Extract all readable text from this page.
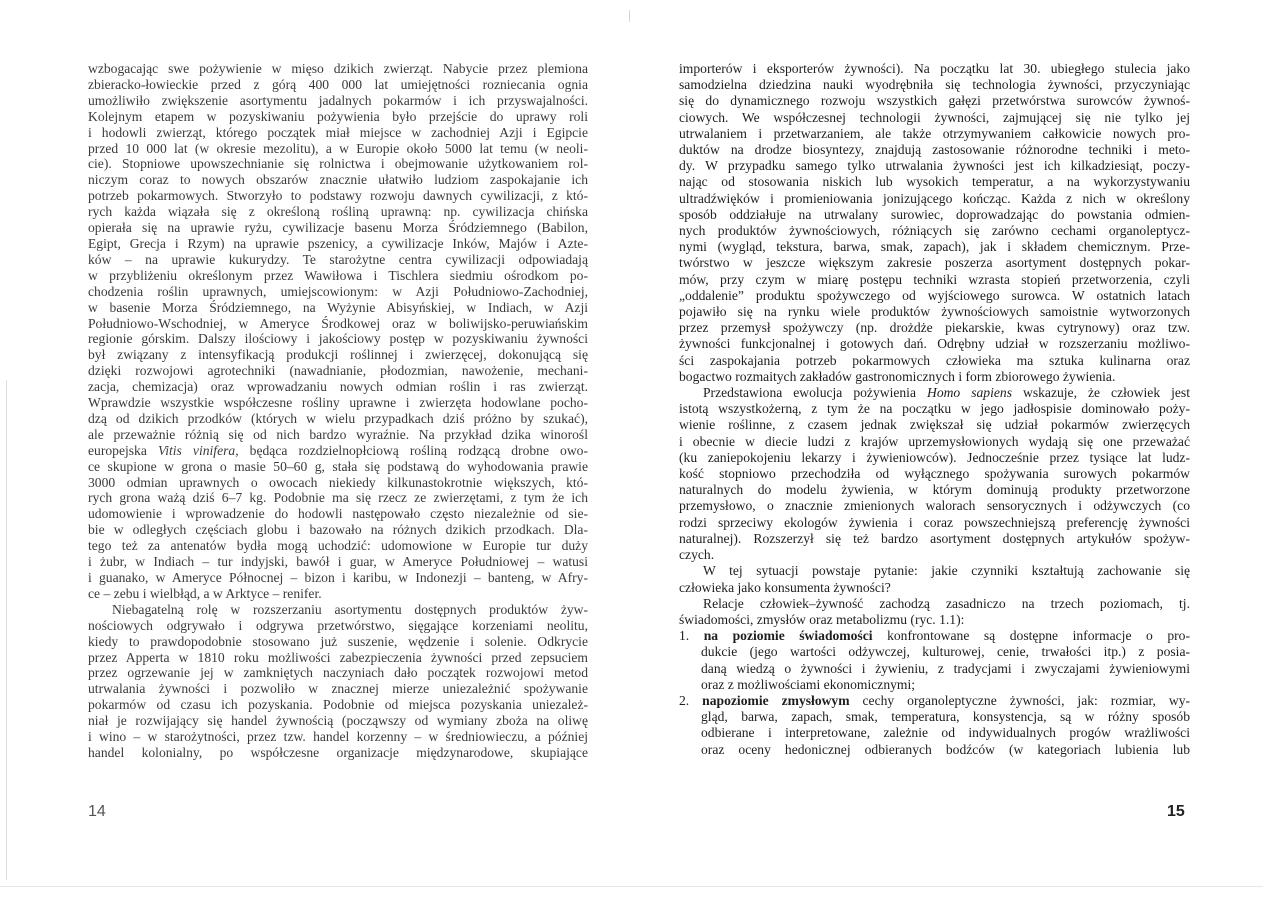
wzbogacając swe pożywienie w mięso dzikich zwierząt. Nabycie przez plemiona
zbieracko-łowieckie przed z górą 400 000 lat umiejętności rozniecania ognia
umożliwiło zwiększenie asortymentu jadalnych pokarmów i ich przyswajalności.
Kolejnym etapem w pozyskiwaniu pożywienia było przejście do uprawy roli
i hodowli zwierząt, którego początek miał miejsce w zachodniej Azji i Egipcie
przed 10 000 lat (w okresie mezolitu), a w Europie około 5000 lat temu (w neoli-
cie). Stopniowe upowszechnianie się rolnictwa i obejmowanie użytkowaniem rol-
niczym coraz to nowych obszarów znacznie ułatwiło ludziom zaspokajanie ich
potrzeb pokarmowych. Stworzyło to podstawy rozwoju dawnych cywilizacji, z któ-
rych każda wiązała się z określoną rośliną uprawną: np. cywilizacja chińska
opierała się na uprawie ryżu, cywilizacje basenu Morza Śródziemnego (Babilon,
Egipt, Grecja i Rzym) na uprawie pszenicy, a cywilizacje Inków, Majów i Azte-
ków – na uprawie kukurydzy. Te starożytne centra cywilizacji odpowiadają
w przybliżeniu określonym przez Wawiłowa i Tischlera siedmiu ośrodkom po-
chodzenia roślin uprawnych, umiejscowionym: w Azji Południowo-Zachodniej,
w basenie Morza Śródziemnego, na Wyżynie Abisyńskiej, w Indiach, w Azji
Południowo-Wschodniej, w Ameryce Środkowej oraz w boliwijsko-peruwiańskim
regionie górskim. Dalszy ilościowy i jakościowy postęp w pozyskiwaniu żywności
był związany z intensyfikacją produkcji roślinnej i zwierzęcej, dokonującą się
dzięki rozwojowi agrotechniki (nawadnianie, płodozmian, nawożenie, mechani-
zacja, chemizacja) oraz wprowadzaniu nowych odmian roślin i ras zwierząt.
Wprawdzie wszystkie współczesne rośliny uprawne i zwierzęta hodowlane pocho-
dzą od dzikich przodków (których w wielu przypadkach dziś próżno by szukać),
ale przeważnie różnią się od nich bardzo wyraźnie. Na przykład dzika winorośl
europejska Vitis vinifera, będąca rozdzielnopłciową rośliną rodzącą drobne owo-
ce skupione w grona o masie 50–60 g, stała się podstawą do wyhodowania prawie
3000 odmian uprawnych o owocach niekiedy kilkunastokrotnie większych, któ-
rych grona ważą dziś 6–7 kg. Podobnie ma się rzecz ze zwierzętami, z tym że ich
udomowienie i wprowadzenie do hodowli następowało często niezależnie od sie-
bie w odległych częściach globu i bazowało na różnych dzikich przodkach. Dla-
tego też za antenatów bydła mogą uchodzić: udomowione w Europie tur duży
i żubr, w Indiach – tur indyjski, bawół i guar, w Ameryce Południowej – watusi
i guanako, w Ameryce Północnej – bizon i karibu, w Indonezji – banteng, w Afry-
ce – zebu i wielbłąd, a w Arktyce – renifer.
Niebagatelną rolę w rozszerzaniu asortymentu dostępnych produktów żyw-
nościowych odgrywało i odgrywa przetwórstwo, sięgające korzeniami neolitu,
kiedy to prawdopodobnie stosowano już suszenie, wędzenie i solenie. Odkrycie
przez Apperta w 1810 roku możliwości zabezpieczenia żywności przed zepsuciem
przez ogrzewanie jej w zamkniętych naczyniach dało początek rozwojowi metod
utrwalania żywności i pozwoliło w znacznej mierze uniezależnić spożywanie
pokarmów od czasu ich pozyskania. Podobnie od miejsca pozyskania uniezależ-
niał je rozwijający się handel żywnością (począwszy od wymiany zboża na oliwę
i wino – w starożytności, przez tzw. handel korzenny – w średniowieczu, a później
handel kolonialny, po współczesne organizacje międzynarodowe, skupiające
importerów i eksporterów żywności). Na początku lat 30. ubiegłego stulecia jako
samodzielna dziedzina nauki wyodrębniła się technologia żywności, przyczyniając
się do dynamicznego rozwoju wszystkich gałęzi przetwórstwa surowców żywnoś-
ciowych. We współczesnej technologii żywności, zajmującej się nie tylko jej
utrwalaniem i przetwarzaniem, ale także otrzymywaniem całkowicie nowych pro-
duktów na drodze biosyntezy, znajdują zastosowanie różnorodne techniki i meto-
dy. W przypadku samego tylko utrwalania żywności jest ich kilkadziesiąt, poczy-
nając od stosowania niskich lub wysokich temperatur, a na wykorzystywaniu
ultradźwięków i promieniowania jonizującego kończąc. Każda z nich w określony
sposób oddziałuje na utrwalany surowiec, doprowadzając do powstania odmien-
nych produktów żywnościowych, różniących się zarówno cechami organoleptycz-
nymi (wygląd, tekstura, barwa, smak, zapach), jak i składem chemicznym. Prze-
twórstwo w jeszcze większym zakresie poszerza asortyment dostępnych pokar-
mów, przy czym w miarę postępu techniki wzrasta stopień przetworzenia, czyli
„oddalenie” produktu spożywczego od wyjściowego surowca. W ostatnich latach
pojawiło się na rynku wiele produktów żywnościowych samoistnie wytworzonych
przez przemysł spożywczy (np. drożdże piekarskie, kwas cytrynowy) oraz tzw.
żywności funkcjonalnej i gotowych dań. Odrębny udział w rozszerzaniu możliwo-
ści zaspokajania potrzeb pokarmowych człowieka ma sztuka kulinarna oraz
bogactwo rozmaitych zakładów gastronomicznych i form zbiorowego żywienia.
Przedstawiona ewolucja pożywienia Homo sapiens wskazuje, że człowiek jest
istotą wszystkożerną, z tym że na początku w jego jadłospisie dominowało poży-
wienie roślinne, z czasem jednak zwiększał się udział pokarmów zwierzęcych
i obecnie w diecie ludzi z krajów uprzemysłowionych wydają się one przeważać
(ku zaniepokojeniu lekarzy i żywieniowców). Jednocześnie przez tysiące lat ludz-
kość stopniowo przechodziła od wyłącznego spożywania surowych pokarmów
naturalnych do modelu żywienia, w którym dominują produkty przetworzone
przemysłowo, o znacznie zmienionych walorach sensorycznych i odżywczych (co
rodzi sprzeciwy ekologów żywienia i coraz powszechniejszą preferencję żywności
naturalnej). Rozszerzył się też bardzo asortyment dostępnych artykułów spożyw-
czych.
W tej sytuacji powstaje pytanie: jakie czynniki kształtują zachowanie się
człowieka jako konsumenta żywności?
Relacje człowiek–żywność zachodzą zasadniczo na trzech poziomach, tj.
świadomości, zmysłów oraz metabolizmu (ryc. 1.1):
1. na poziomie świadomości konfrontowane są dostępne informacje o pro-
dukcie (jego wartości odżywczej, kulturowej, cenie, trwałości itp.) z posia-
daną wiedzą o żywności i żywieniu, z tradycjami i zwyczajami żywieniowymi
oraz z możliwościami ekonomicznymi;
2. napoziomie zmysłowym cechy organoleptyczne żywności, jak: rozmiar, wy-
gląd, barwa, zapach, smak, temperatura, konsystencja, są w różny sposób
odbierane i interpretowane, zależnie od indywidualnych progów wrażliwości
oraz oceny hedonicznej odbieranych bodźców (w kategoriach lubienia lub
14	15
